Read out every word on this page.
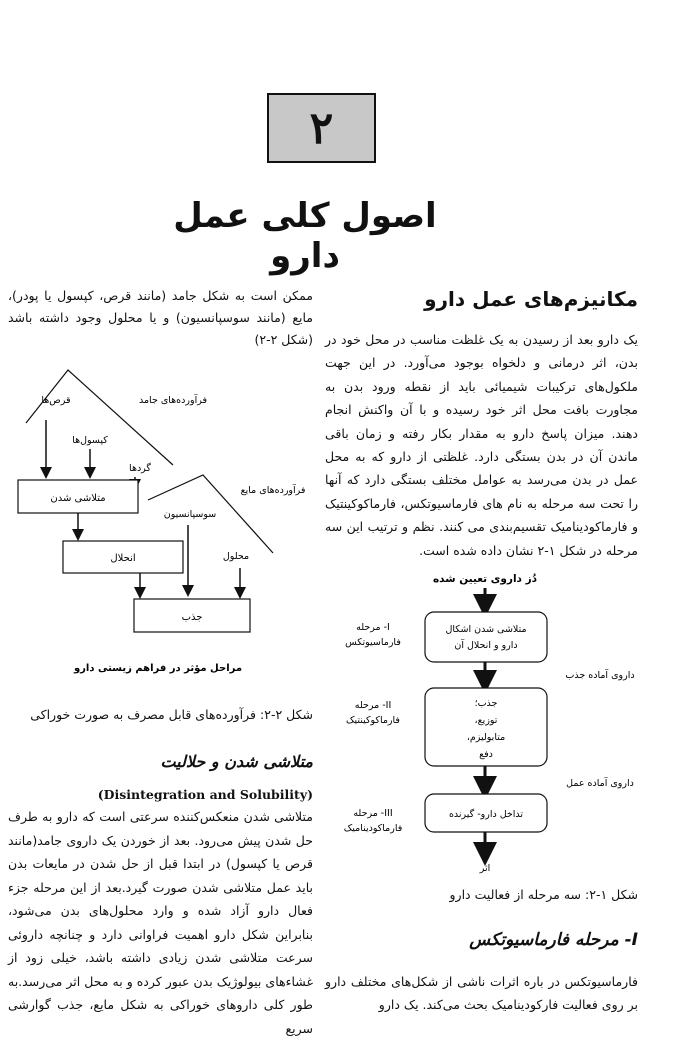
۲
اصول کلی عمل دارو
مکانیزم‌های عمل دارو
یک دارو بعد از رسیدن به یک غلظت مناسب در محل خود در بدن، اثر درمانی و دلخواه بوجود می‌آورد. در این جهت ملکول‌های ترکیبات شیمیائی باید از نقطه ورود بدن به مجاورت بافت محل اثر خود رسیده و با آن واکنش انجام دهند. میزان پاسخ دارو به مقدار بکار رفته و زمان باقی ماندن آن در بدن بستگی دارد. غلظتی از دارو که به محل عمل در بدن می‌رسد به عوامل مختلف بستگی دارد که آنها را تحت سه مرحله به نام های فارماسیوتکس، فارماکوکینتیک و فارماکودینامیک تقسیم‌بندی می کنند. نظم و ترتیب این سه مرحله در شکل ۱-۲ نشان داده شده است.
دُز داروی تعیین شده
متلاشی شدن اشکال
دارو و انحلال آن
I- مرحله
فارماسیوتکس
داروی آماده جذب
جذب؛
توزیع،
متابولیزم،
دفع
II- مرحله
فارماکوکینتیک
داروی آماده عمل
تداخل دارو- گیرنده
III- مرحله
فارماکودینامیک
اثر
شکل ۱-۲: سه مرحله از فعالیت دارو
I- مرحله فارماسیوتکس
فارماسیوتکس در باره اثرات ناشی از شکل‌های مختلف دارو بر روی فعالیت فارکودینامیک بحث می‌کند. یک دارو
ممکن است به شکل جامد (مانند قرص، کپسول یا پودر)، مایع (مانند سوسپانسیون) و یا محلول وجود داشته باشد (شکل ۲-۲)
فرآورده‌های جامد
قرص‌ها
کپسول‌ها
گردها
متلاشی شدن
فرآورده‌های مایع
سوسپانسیون
محلول
انحلال
جذب
مراحل مؤثر در فراهم زیستی دارو
شکل ۲-۲: فرآورده‌های قابل مصرف به صورت خوراکی
متلاشی شدن و حلالیت
(Disintegration and Solubility)
متلاشی شدن منعکس‌کننده سرعتی است که دارو به طرف حل شدن پیش می‌رود. بعد از خوردن یک داروی جامد(مانند قرص یا کپسول) در ابتدا قبل از حل شدن در مایعات بدن باید عمل متلاشی شدن صورت گیرد.بعد از این مرحله جزء فعال دارو آزاد شده و وارد محلول‌های بدن می‌شود، بنابراین شکل دارو اهمیت فراوانی دارد و چنانچه داروئی سرعت متلاشی شدن زیادی داشته باشد، خیلی زود از غشاءهای بیولوژیک بدن عبور کرده و به محل اثر می‌رسد.به طور کلی داروهای خوراکی به شکل مایع، جذب گوارشی سریع
